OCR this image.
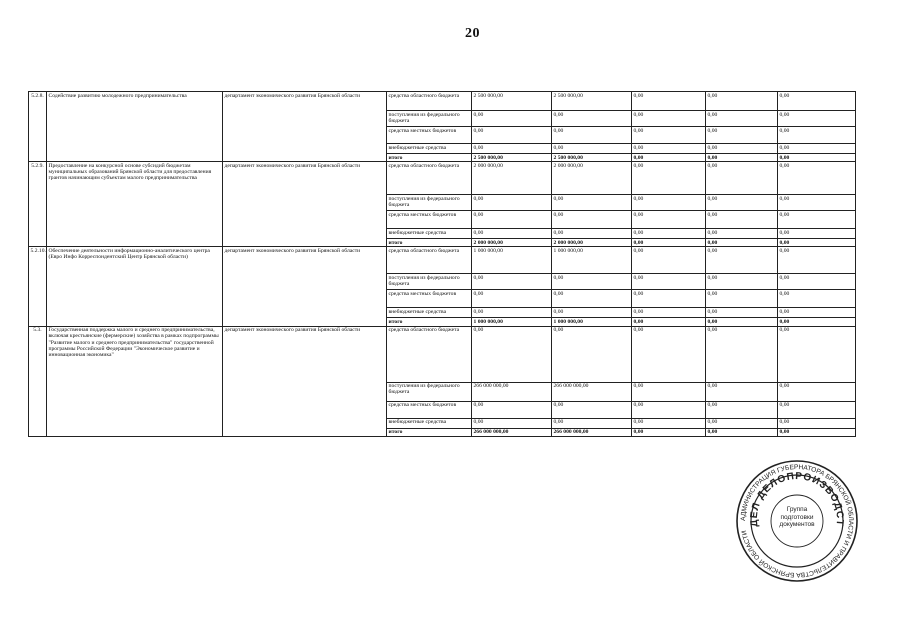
20
5.2.8.	Содействие развитию молодежного предпринимательства	департамент экономического развития Брянской области	средства областного бюджета	2 500 000,00	2 500 000,00	0,00	0,00	0,00
			поступления из федерального бюджета	0,00	0,00	0,00	0,00	0,00
			средства местных бюджетов	0,00	0,00	0,00	0,00	0,00
			внебюджетные средства	0,00	0,00	0,00	0,00	0,00
			итого	2 500 000,00	2 500 000,00	0,00	0,00	0,00
5.2.9.	Предоставление на конкурсной основе субсидий бюджетам муниципальных образований Брянской области для предоставления грантов начинающим субъектам малого предпринимательства	департамент экономического развития Брянской области	средства областного бюджета	2 000 000,00	2 000 000,00	0,00	0,00	0,00
			поступления из федерального бюджета	0,00	0,00	0,00	0,00	0,00
			средства местных бюджетов	0,00	0,00	0,00	0,00	0,00
			внебюджетные средства	0,00	0,00	0,00	0,00	0,00
			итого	2 000 000,00	2 000 000,00	0,00	0,00	0,00
5.2.10.	Обеспечение деятельности информационно-аналитического центра (Евро Инфо Корреспондентский Центр Брянской области)	департамент экономического развития Брянской области	средства областного бюджета	1 000 000,00	1 000 000,00	0,00	0,00	0,00
			поступления из федерального бюджета	0,00	0,00	0,00	0,00	0,00
			средства местных бюджетов	0,00	0,00	0,00	0,00	0,00
			внебюджетные средства	0,00	0,00	0,00	0,00	0,00
			итого	1 000 000,00	1 000 000,00	0,00	0,00	0,00
5.3.	Государственная поддержка малого и среднего предпринимательства, включая крестьянские (фермерские) хозяйства в рамках подпрограммы "Развитие малого и среднего предпринимательства" государственной программы Российской Федерации "Экономическое развитие и инновационная экономика"	департамент экономического развития Брянской области	средства областного бюджета	0,00	0,00	0,00	0,00	0,00
			поступления из федерального бюджета	266 000 000,00	266 000 000,00	0,00	0,00	0,00
			средства местных бюджетов	0,00	0,00	0,00	0,00	0,00
			внебюджетные средства	0,00	0,00	0,00	0,00	0,00
			итого	266 000 000,00	266 000 000,00	0,00	0,00	0,00
АДМИНИСТРАЦИЯ ГУБЕРНАТОРА БРЯНСКОЙ ОБЛАСТИ И ПРАВИТЕЛЬСТВА БРЯНСКОЙ ОБЛАСТИ
ДЕЛ ДЕЛОПРОИЗВОДСТ
Группа
подготовки
документов
